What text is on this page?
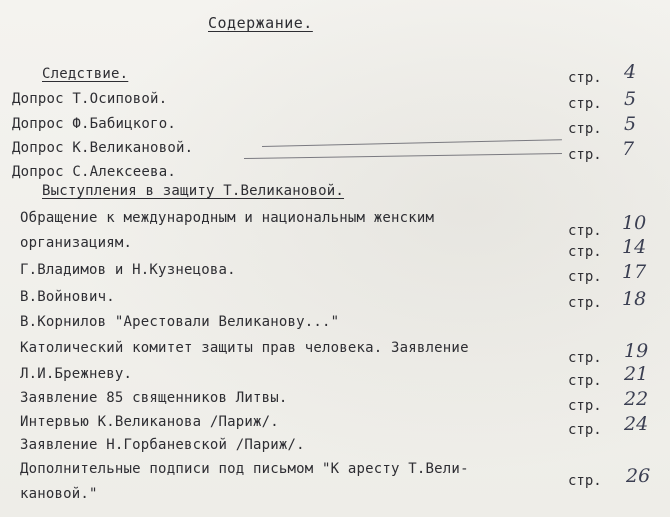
Содержание.
Следствие.
Допрос Т.Осиповой.
Допрос Ф.Бабицкого.
Допрос К.Великановой.
Допрос С.Алексеева.
Выступления в защиту Т.Великановой.
Обращение к международным и национальным женским
организациям.
Г.Владимов и Н.Кузнецова.
В.Войнович.
В.Корнилов "Арестовали Великанову..."
Католический комитет защиты прав человека. Заявление
Л.И.Брежневу.
Заявление 85 священников Литвы.
Интервью К.Великанова /Париж/.
Заявление Н.Горбаневской /Париж/.
Дополнительные подписи под письмом "К аресту Т.Вели-
кановой."
стр.
стр.
стр.
стр.
стр.
стр.
стр.
стр.
стр.
стр.
стр.
стр.
стр.
4
5
5
7
10
14
17
18
19
21
22
24
26
